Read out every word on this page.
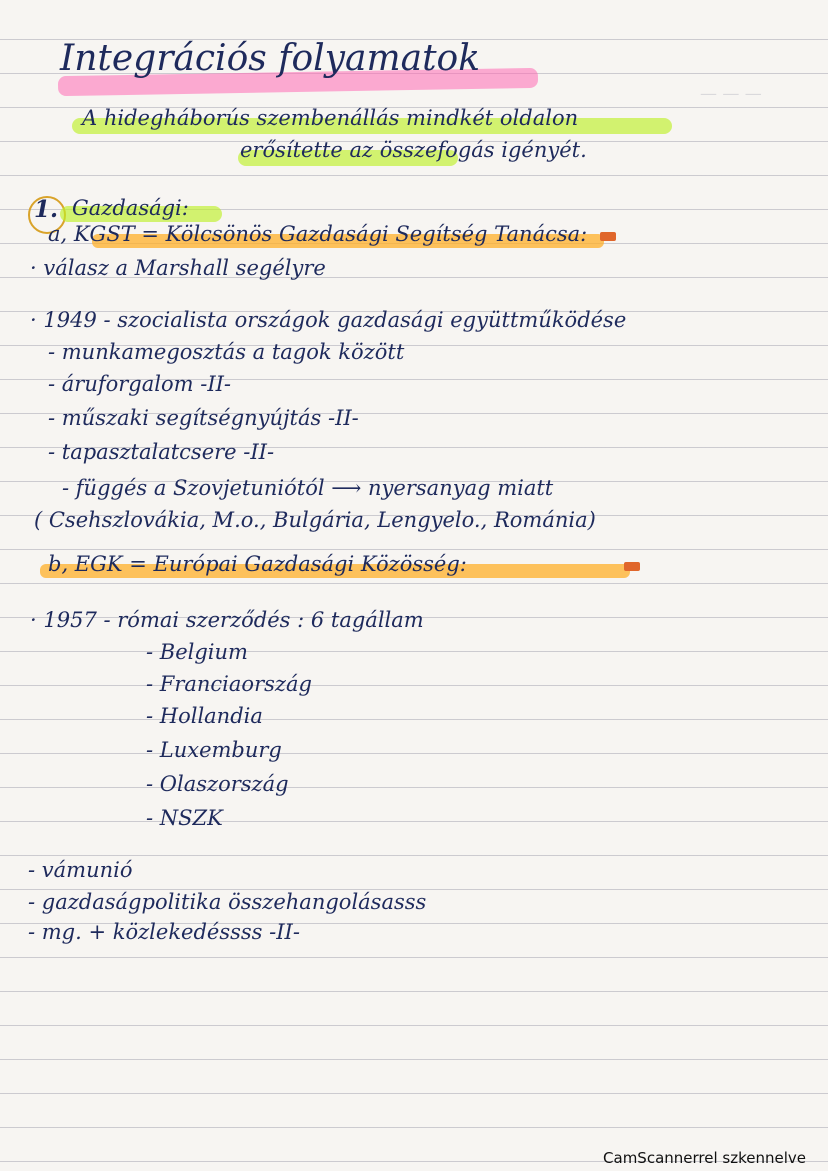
— — —
Integrációs folyamatok
A hidegháborús szembenállás mindkét oldalon
erősítette az összefogás igényét.
1. Gazdasági:
a, KGST = Kölcsönös Gazdasági Segítség Tanácsa:
· válasz a Marshall segélyre
· 1949 - szocialista országok gazdasági együttműködése
- munkamegosztás a tagok között
- áruforgalom -II-
- műszaki segítségnyújtás -II-
- tapasztalatcsere -II-
- függés a Szovjetuniótól ⟶ nyersanyag miatt
( Csehszlovákia, M.o., Bulgária, Lengyelo., Románia)
b, EGK = Európai Gazdasági Közösség:
· 1957 - római szerződés : 6 tagállam
- Belgium
- Franciaország
- Hollandia
- Luxemburg
- Olaszország
- NSZK
- vámunió
- gazdaságpolitika összehangolásasss
- mg. + közlekedéssss -II-
CamScannerrel szkennelve
